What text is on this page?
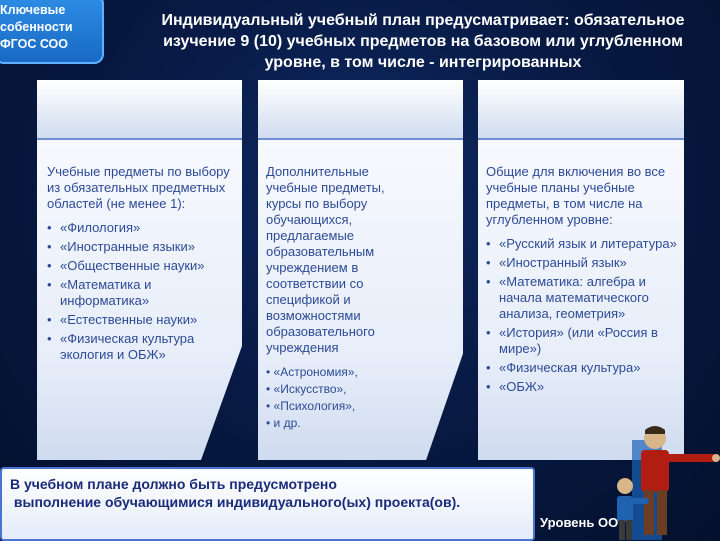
Ключевые
собенности
ФГОС СОО
Индивидуальный учебный план предусматривает: обязательное
изучение 9 (10) учебных предметов на базовом или углубленном
уровне, в том числе - интегрированных
Учебные предметы по выбору из обязательных предметных областей (не менее 1):
• «Филология»
• «Иностранные языки»
• «Общественные науки»
• «Математика и информатика»
• «Естественные науки»
• «Физическая культура экология и ОБЖ»
Дополнительные учебные предметы, курсы по выбору обучающихся, предлагаемые образовательным учреждением в соответствии со спецификой и возможностями образовательного учреждения
• «Астрономия»,
• «Искусство»,
• «Психология»,
• и др.
Общие для включения во все учебные планы учебные предметы, в том числе на углубленном уровне:
• «Русский язык и литература»
• «Иностранный язык»
• «Математика: алгебра и начала математического анализа, геометрия»
• «История» (или «Россия в мире»)
• «Физическая культура»
• «ОБЖ»
В учебном плане должно быть предусмотрено
выполнение обучающимися индивидуального(ых) проекта(ов).
Уровень ОО
